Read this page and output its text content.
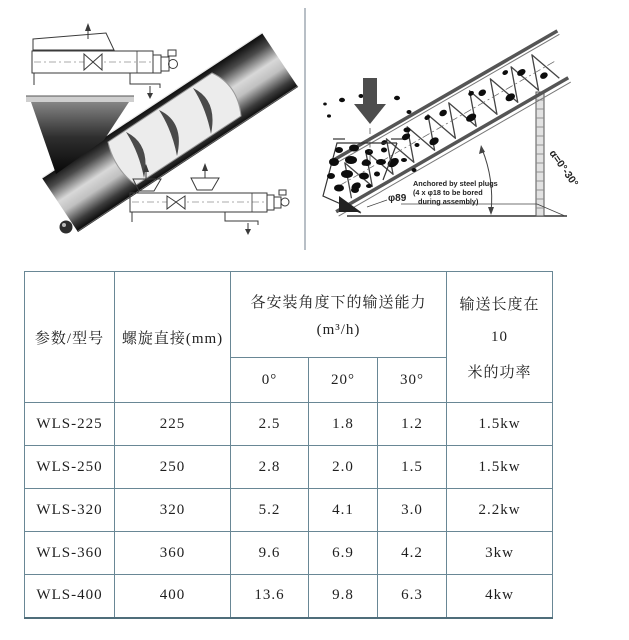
φ89
Anchored by steel plugs
(4 x φ18 to be bored
during assembly)
α=0°-30°
参数/型号	螺旋直接(mm)	
各安装角度下的输送能力
(m³/h)

输送长度在
10
米的功率

		0°	20°	30°	
WLS-225	225	2.5	1.8	1.2	1.5kw
WLS-250	250	2.8	2.0	1.5	1.5kw
WLS-320	320	5.2	4.1	3.0	2.2kw
WLS-360	360	9.6	6.9	4.2	3kw
WLS-400	400	13.6	9.8	6.3	4kw
